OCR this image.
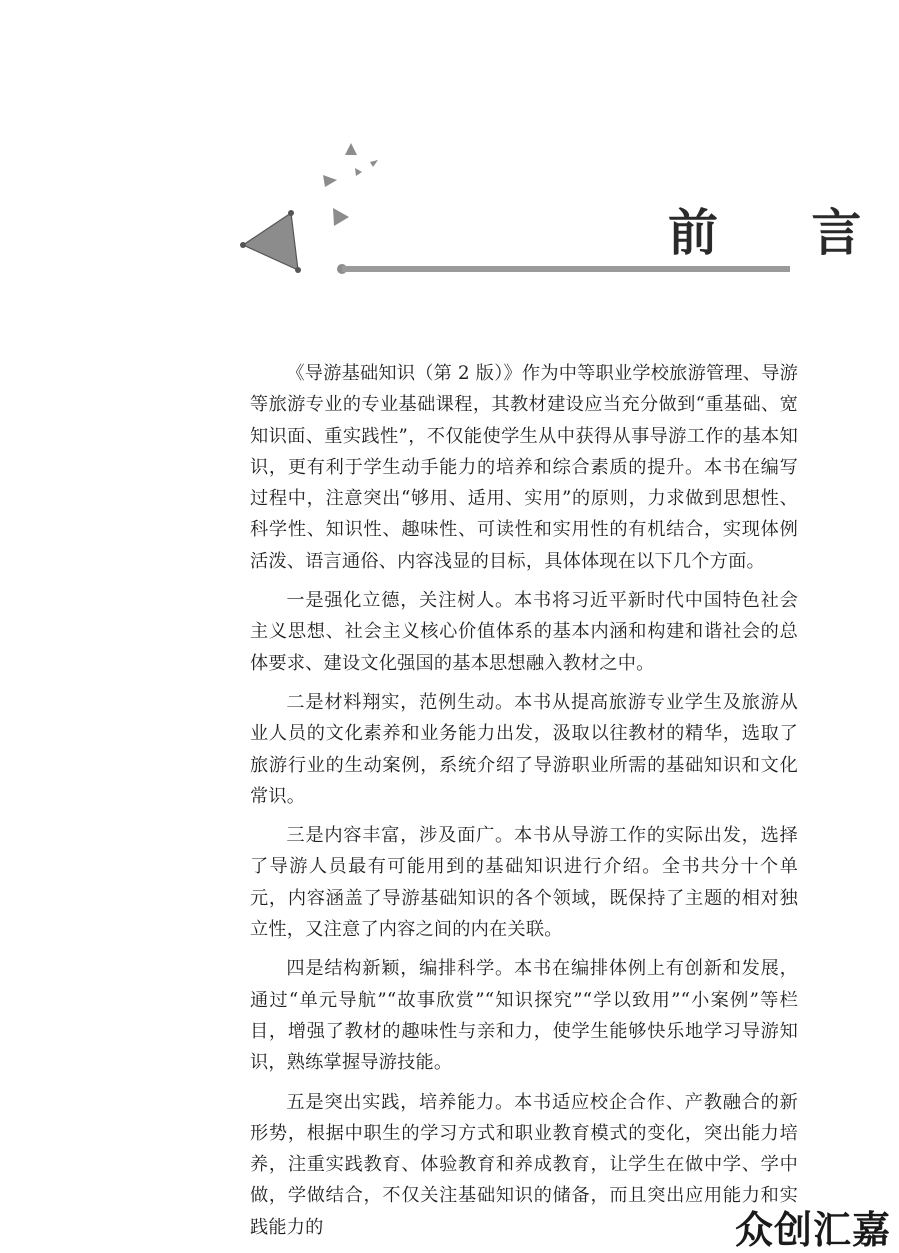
前 言

《导游基础知识（第 2 版）》作为中等职业学校旅游管理、导游等旅游专业的专业基础课程，其教材建设应当充分做到“重基础、宽知识面、重实践性”，不仅能使学生从中获得从事导游工作的基本知识，更有利于学生动手能力的培养和综合素质的提升。本书在编写过程中，注意突出“够用、适用、实用”的原则，力求做到思想性、科学性、知识性、趣味性、可读性和实用性的有机结合，实现体例活泼、语言通俗、内容浅显的目标，具体体现在以下几个方面。

一是强化立德，关注树人。本书将习近平新时代中国特色社会主义思想、社会主义核心价值体系的基本内涵和构建和谐社会的总体要求、建设文化强国的基本思想融入教材之中。

二是材料翔实，范例生动。本书从提高旅游专业学生及旅游从业人员的文化素养和业务能力出发，汲取以往教材的精华，选取了旅游行业的生动案例，系统介绍了导游职业所需的基础知识和文化常识。

三是内容丰富，涉及面广。本书从导游工作的实际出发，选择了导游人员最有可能用到的基础知识进行介绍。全书共分十个单元，内容涵盖了导游基础知识的各个领域，既保持了主题的相对独立性，又注意了内容之间的内在关联。

四是结构新颖，编排科学。本书在编排体例上有创新和发展，通过“单元导航”“故事欣赏”“知识探究”“学以致用”“小案例”等栏目，增强了教材的趣味性与亲和力，使学生能够快乐地学习导游知识，熟练掌握导游技能。

五是突出实践，培养能力。本书适应校企合作、产教融合的新形势，根据中职生的学习方式和职业教育模式的变化，突出能力培养，注重实践教育、体验教育和养成教育，让学生在做中学、学中做，学做结合，不仅关注基础知识的储备，而且突出应用能力和实践能力的	众创汇嘉
